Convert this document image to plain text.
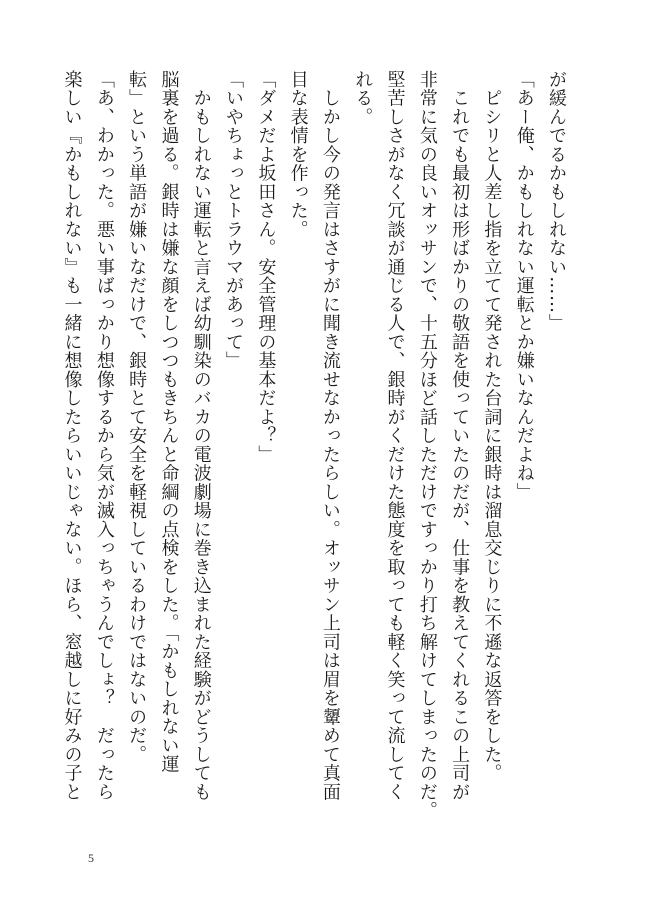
が緩んでるかもしれない……」
「あー俺、かもしれない運転とか嫌いなんだよね」
　ピシリと人差し指を立てて発された台詞に銀時は溜息交じりに不遜な返答をした。
　これでも最初は形ばかりの敬語を使っていたのだが、仕事を教えてくれるこの上司が
非常に気の良いオッサンで、十五分ほど話しただけですっかり打ち解けてしまったのだ。
堅苦しさがなく冗談が通じる人で、銀時がくだけた態度を取っても軽く笑って流してく
れる。
　しかし今の発言はさすがに聞き流せなかったらしい。オッサン上司は眉を顰めて真面
目な表情を作った。
「ダメだよ坂田さん。安全管理の基本だよ？」
「いやちょっとトラウマがあって」
　かもしれない運転と言えば幼馴染のバカの電波劇場に巻き込まれた経験がどうしても
脳裏を過る。銀時は嫌な顔をしつつもきちんと命綱の点検をした。「かもしれない運
転」という単語が嫌いなだけで、銀時とて安全を軽視しているわけではないのだ。
「あ、わかった。悪い事ばっかり想像するから気が滅入っちゃうんでしょ？　だったら
楽しい『かもしれない』も一緒に想像したらいいじゃない。ほら、窓越しに好みの子と
5
